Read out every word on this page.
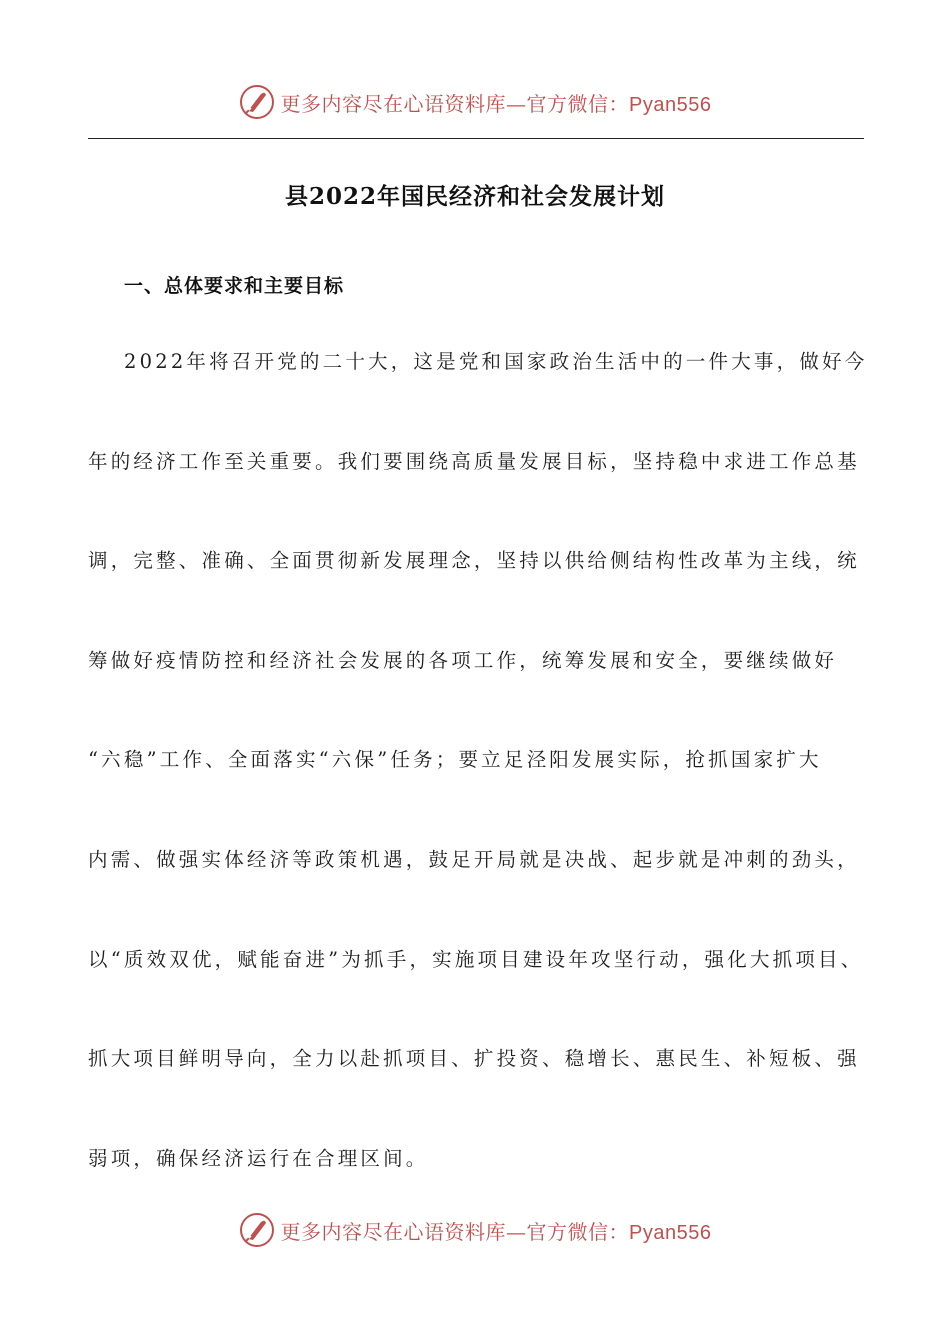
更多内容尽在心语资料库—官方微信：Pyan556
县2022年国民经济和社会发展计划
一、总体要求和主要目标
2022年将召开党的二十大，这是党和国家政治生活中的一件大事，做好今
年的经济工作至关重要。我们要围绕高质量发展目标，坚持稳中求进工作总基
调，完整、准确、全面贯彻新发展理念，坚持以供给侧结构性改革为主线，统
筹做好疫情防控和经济社会发展的各项工作，统筹发展和安全，要继续做好
“六稳”工作、全面落实“六保”任务；要立足泾阳发展实际，抢抓国家扩大
内需、做强实体经济等政策机遇，鼓足开局就是决战、起步就是冲刺的劲头，
以“质效双优，赋能奋进”为抓手，实施项目建设年攻坚行动，强化大抓项目、
抓大项目鲜明导向，全力以赴抓项目、扩投资、稳增长、惠民生、补短板、强
弱项，确保经济运行在合理区间。
更多内容尽在心语资料库—官方微信：Pyan556
